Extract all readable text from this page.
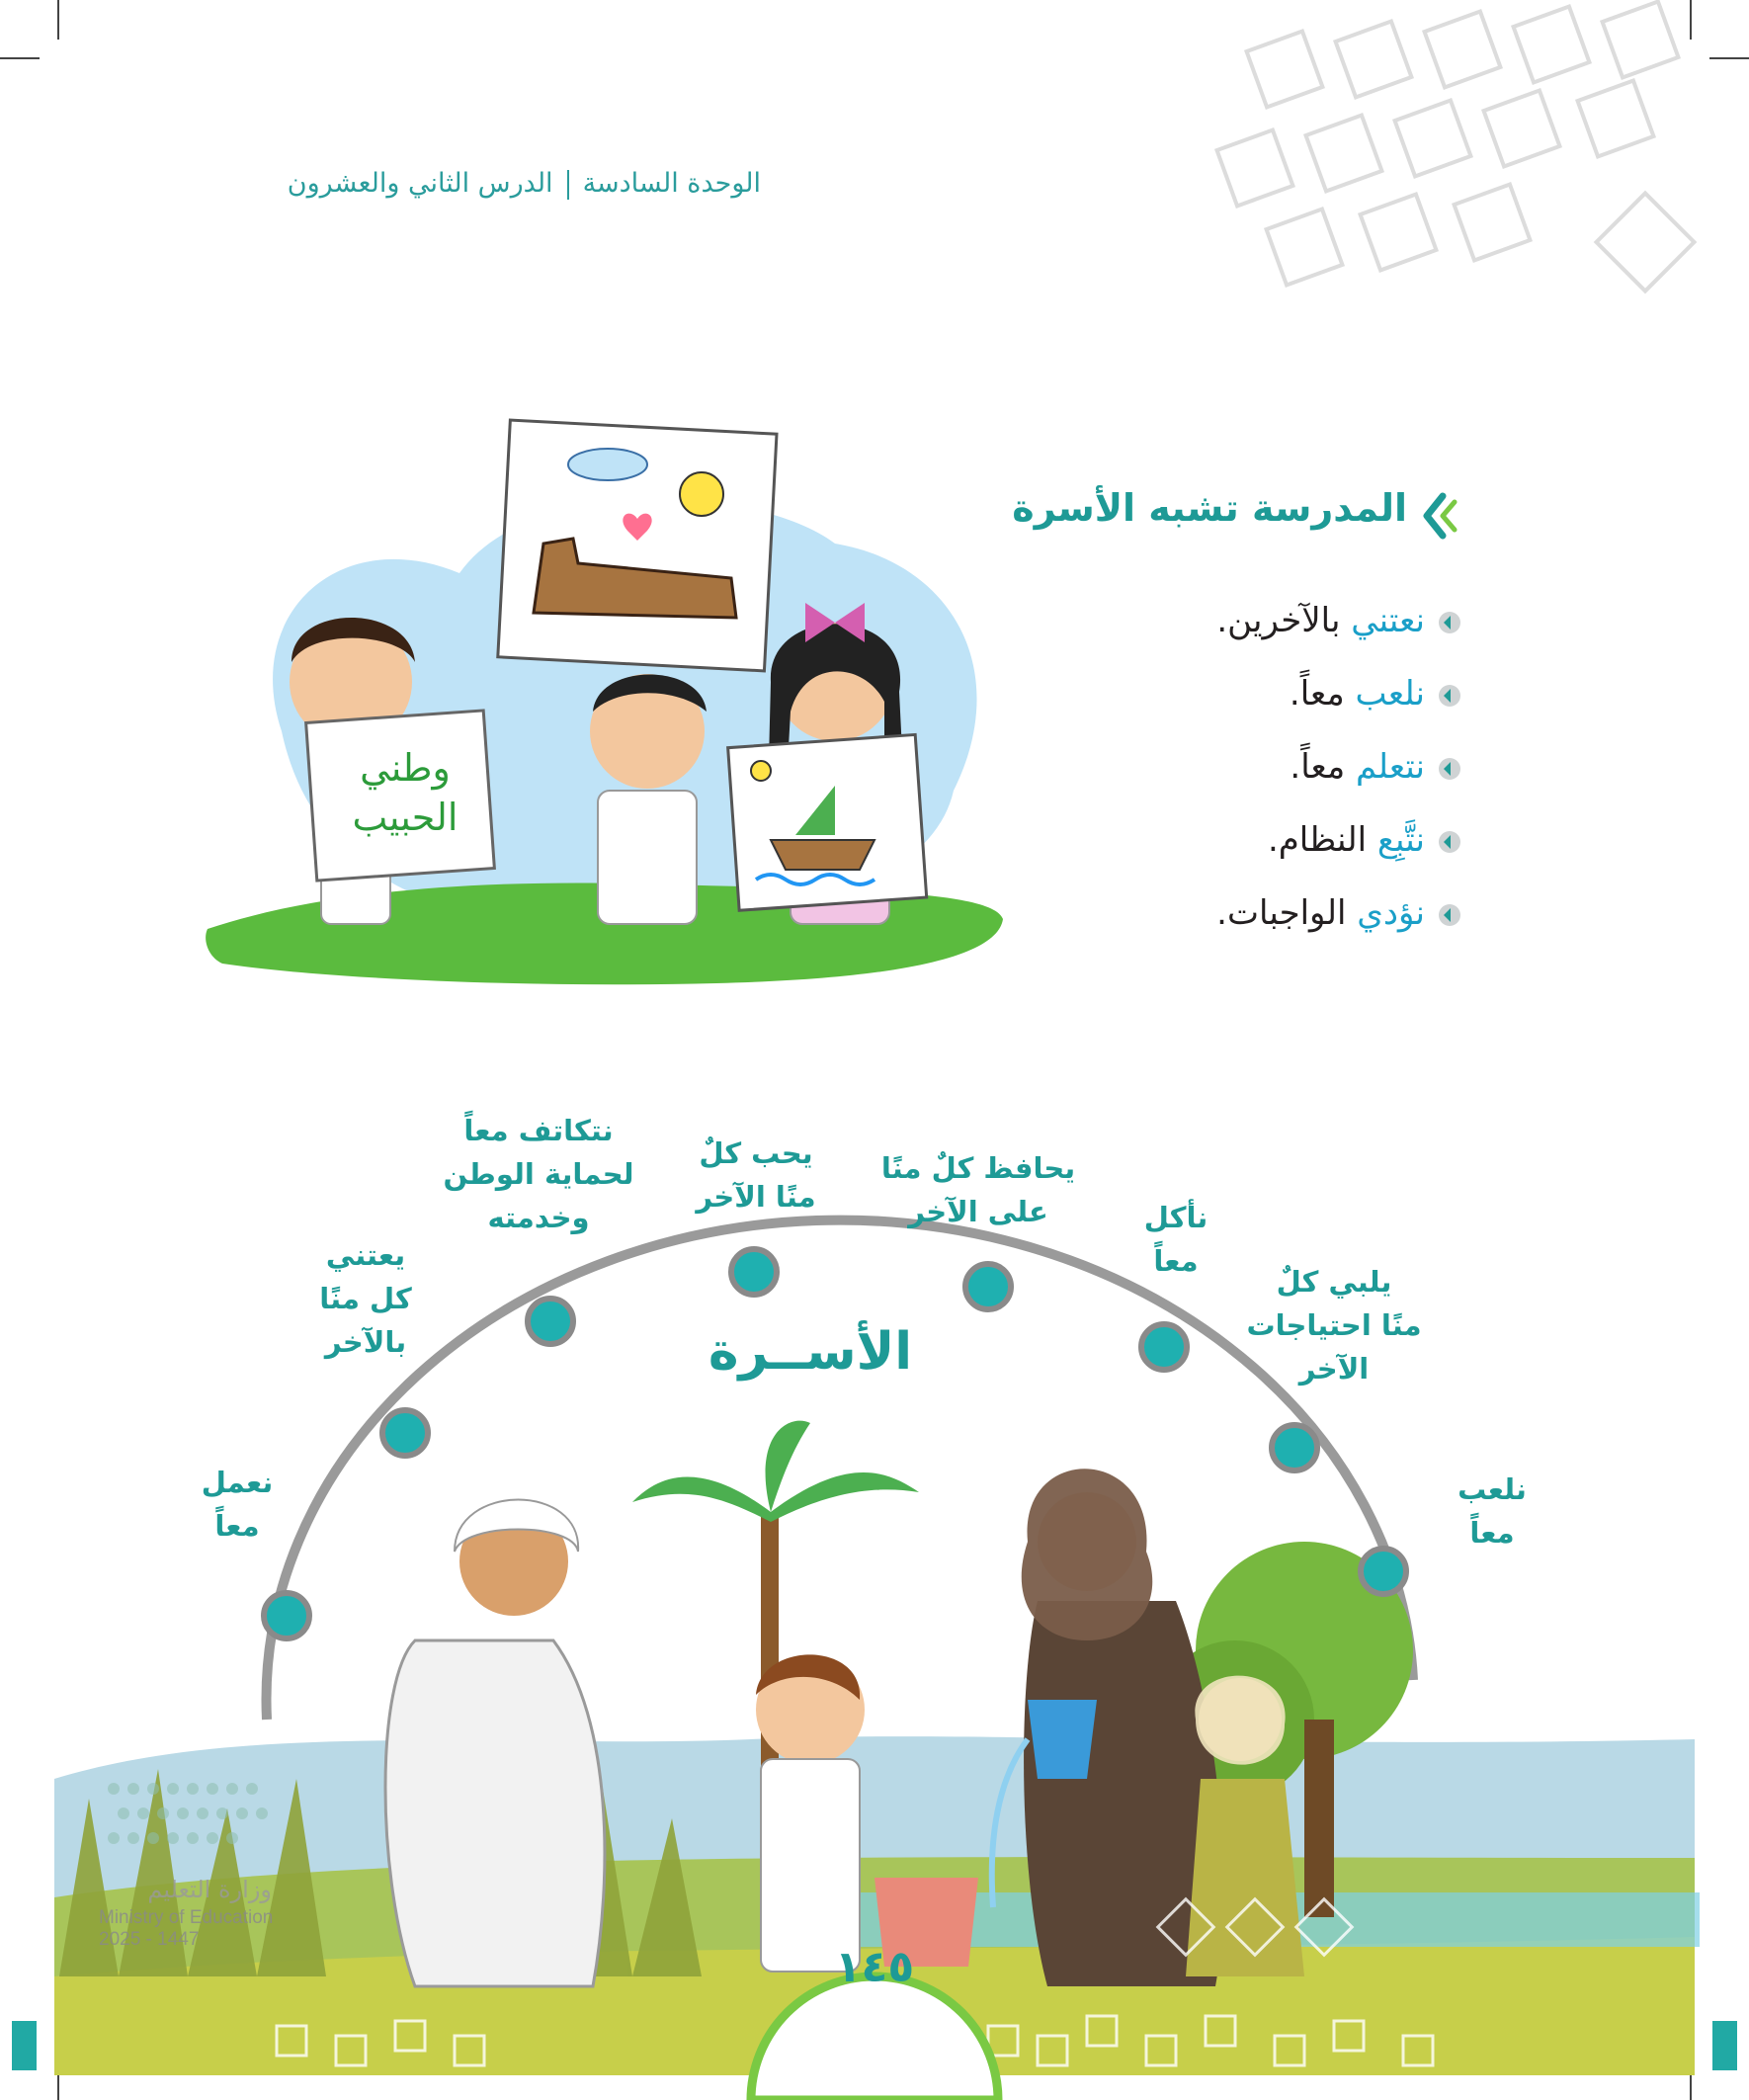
الوحدة السادسةالدرس الثاني والعشرون
وطني
الحبيب
المدرسة تشبه الأسرة
نعتني بالآخرين.
نلعب معاً.
نتعلم معاً.
نتَّبِع النظام.
نؤدي الواجبات.
الأســرة
نعمل
معاً
يعتني
كل منًا
بالآخر
نتكاتف معاً
لحماية الوطن
وخدمته
يحب كلٌ
منًا الآخر
يحافظ كلٌ منًا
على الآخر	نأكل
معاً
يلبي كلٌ
منًا احتياجات
الآخر
نلعب
معاً
وزارة التعليم
Ministry of Education
2025 - 1447
١٤٥
